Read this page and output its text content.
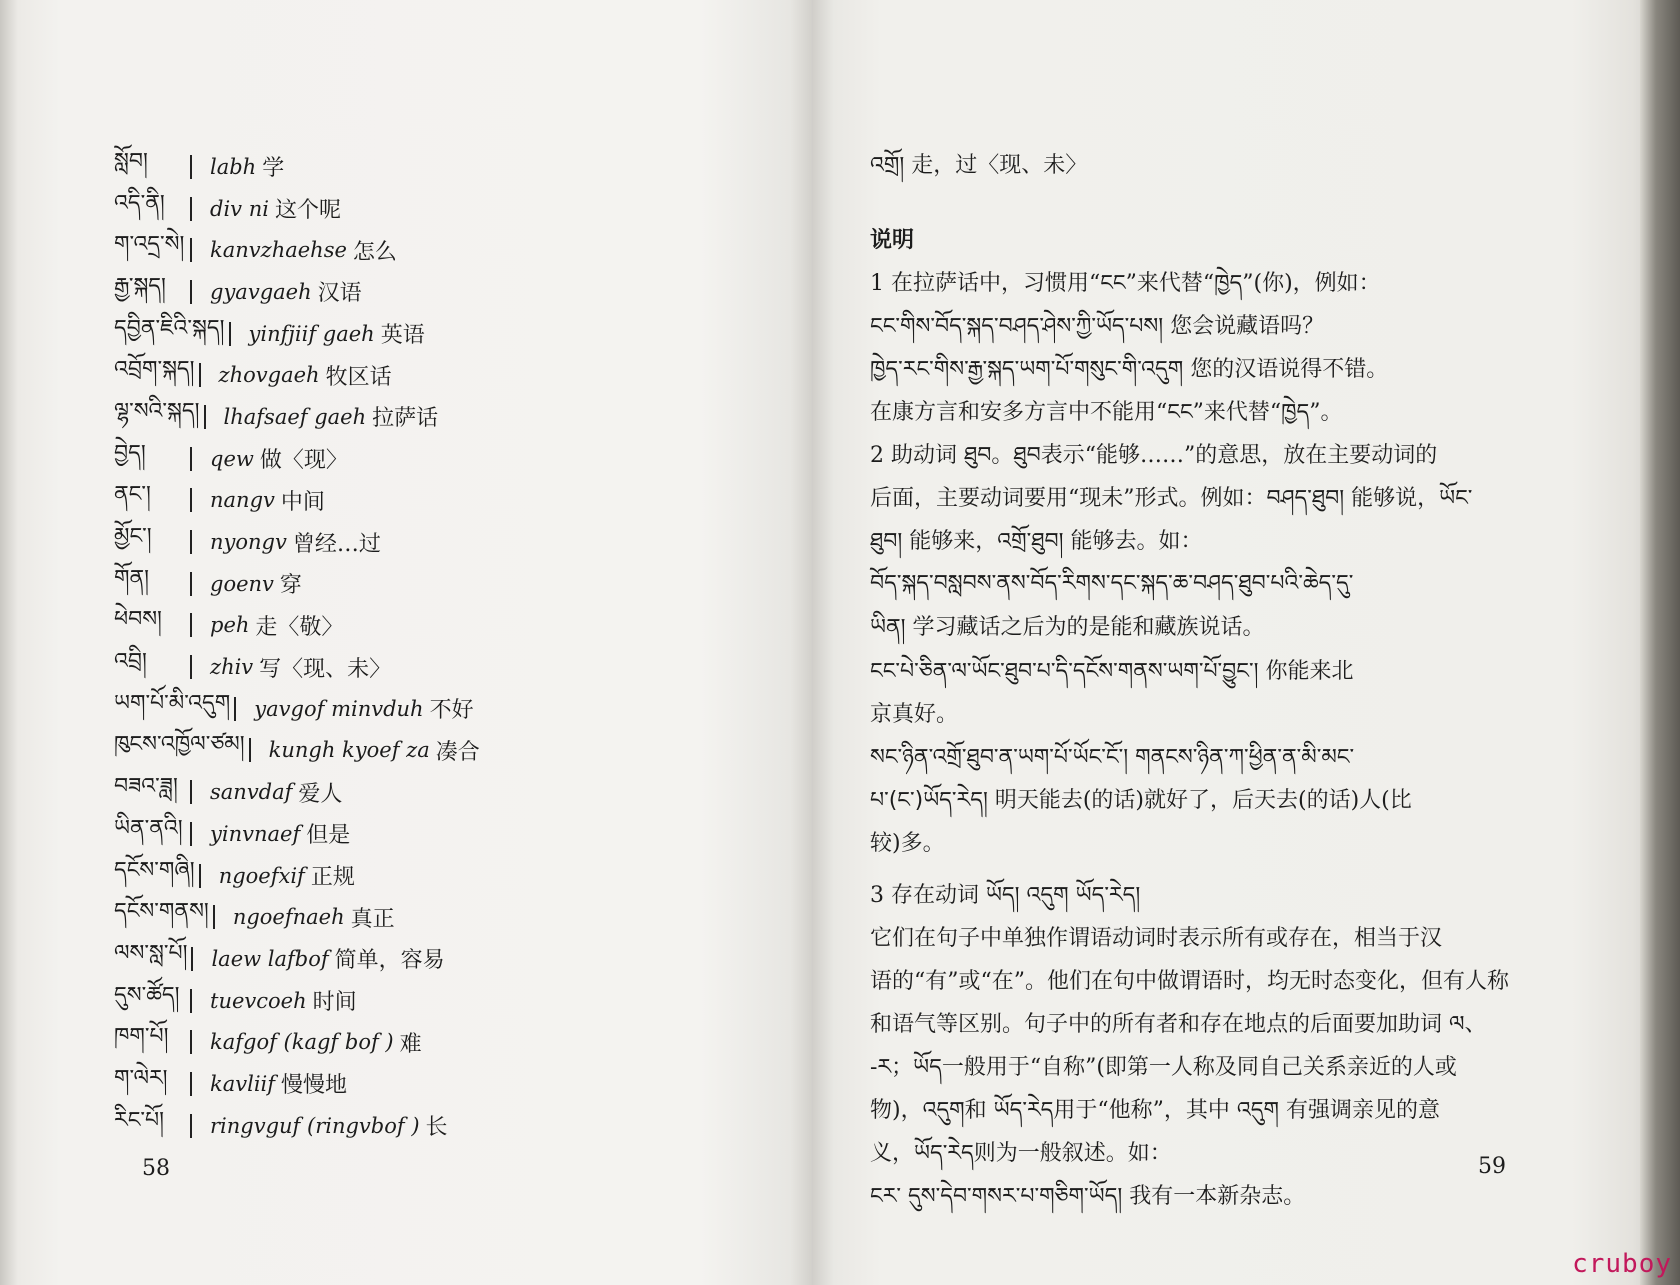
སློབ།	labh 学
འདི་ནི།	div ni 这个呢
ག་འདྲ་སེ། kanvzhaehse 怎么
རྒྱ་སྐད།	gyavgaeh 汉语
དབྱིན་ཇིའི་སྐད། yinfjiif gaeh 英语
འབྲོག་སྐད། zhovgaeh 牧区话
ལྷ་སའི་སྐད། lhafsaef gaeh 拉萨话
བྱེད།	qew 做〈现〉
ནང་།	nangv 中间
མྱོང་།	nyongv 曾经…过
གོན།	goenv 穿
ཕེབས།	peh 走〈敬〉
འབྲི།	zhiv 写〈现、未〉
ཡག་པོ་མི་འདུག yavgof minvduh 不好
ཁུངས་འཁྱོལ་ཙམ། kungh kyoef za 凑合
བཟའ་ཟླ།	sanvdaf 爱人
ཡིན་ནའི། yinvnaef 但是
དངོས་གཞི། ngoefxif 正规
དངོས་གནས། ngoefnaeh 真正
ལས་སླ་པོ། laew lafbof 简单，容易
དུས་ཚོད།	tuevcoeh 时间
ཁག་པོ།	kafgof (kagf bof ) 难
ག་ལེར།	kavliif 慢慢地
རིང་པོ།	ringvguf (ringvbof ) 长
58
འགྲོ། 走，过〈现、未〉
说明
1 在拉萨话中，习惯用“ངང”来代替“ཁྱེད”(你)，例如：
ངང་གིས་བོད་སྐད་བཤད་ཤེས་ཀྱི་ཡོད་པས། 您会说藏语吗？
ཁྱེད་རང་གིས་རྒྱ་སྐད་ཡག་པོ་གསུང་གི་འདུག 您的汉语说得不错。
在康方言和安多方言中不能用“ངང”来代替“ཁྱེད”。
2 助动词 ཐུབ。ཐུབ表示“能够……”的意思，放在主要动词的
后面，主要动词要用“现未”形式。例如：བཤད་ཐུབ། 能够说，ཡོང་
ཐུབ། 能够来，འགྲོ་ཐུབ། 能够去。如：
བོད་སྐད་བསླབས་ནས་བོད་རིགས་དང་སྐད་ཆ་བཤད་ཐུབ་པའི་ཆེད་དུ་
ཡིན། 学习藏话之后为的是能和藏族说话。
ངང་པེ་ཅིན་ལ་ཡོང་ཐུབ་པ་དི་དངོས་གནས་ཡག་པོ་བྱུང་། 你能来北
京真好。
སང་ཉིན་འགྲོ་ཐུབ་ན་ཡག་པོ་ཡོང་ངོ་། གནངས་ཉིན་ཀ་ཕྱིན་ན་མི་མང་
པ་(ང་)ཡོད་རེད། 明天能去(的话)就好了，后天去(的话)人(比
较)多。
3 存在动词 ཡོད། འདུག ཡོད་རེད།
它们在句子中单独作谓语动词时表示所有或存在，相当于汉
语的“有”或“在”。他们在句中做谓语时，均无时态变化，但有人称
和语气等区别。句子中的所有者和存在地点的后面要加助词 ལ、
-ར；ཡོད一般用于“自称”(即第一人称及同自己关系亲近的人或
物)，འདུག和 ཡོད་རེད用于“他称”，其中 འདུག 有强调亲见的意
义，ཡོད་རེད则为一般叙述。如：
ངར་ དུས་དེབ་གསར་པ་གཅིག་ཡོད། 我有一本新杂志。
59
cruboy
